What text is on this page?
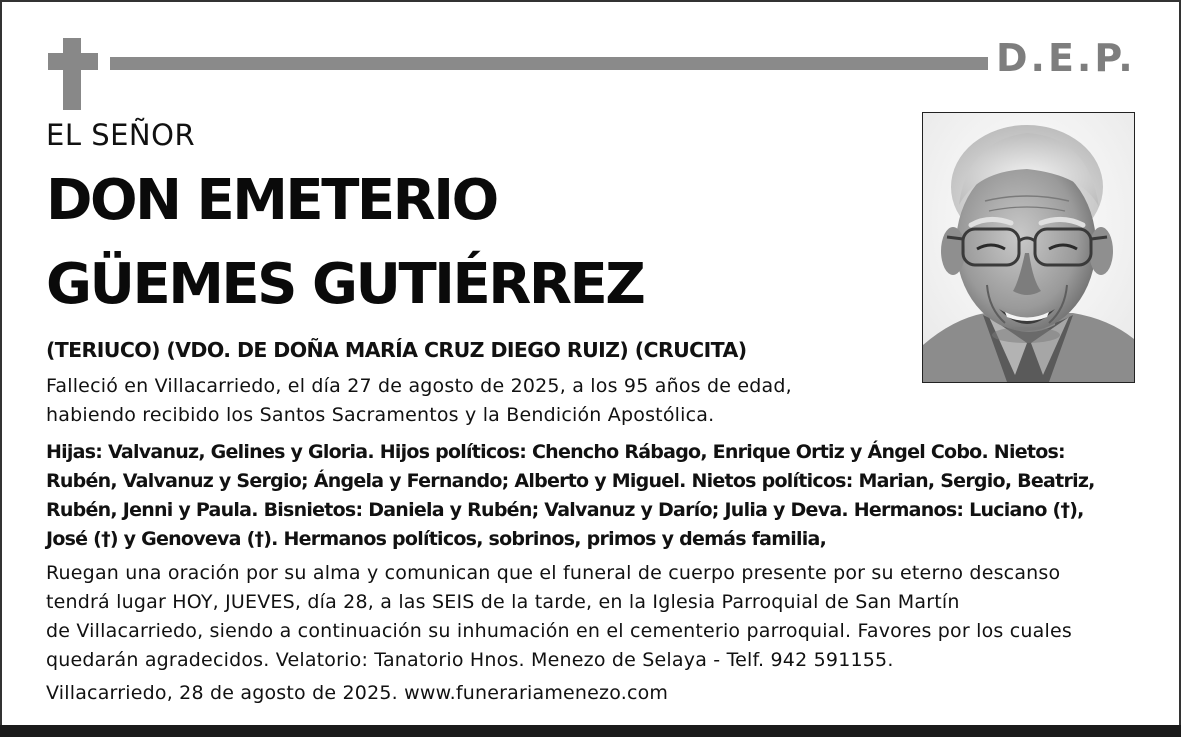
D.E.P.
EL SEÑOR
DON EMETERIO
GÜEMES GUTIÉRREZ
(TERIUCO) (VDO. DE DOÑA MARÍA CRUZ DIEGO RUIZ) (CRUCITA)
Falleció en Villacarriedo, el día 27 de agosto de 2025, a los 95 años de edad,
habiendo recibido los Santos Sacramentos y la Bendición Apostólica.
Hijas: Valvanuz, Gelines y Gloria. Hijos políticos: Chencho Rábago, Enrique Ortiz y Ángel Cobo. Nietos:
Rubén, Valvanuz y Sergio; Ángela y Fernando; Alberto y Miguel. Nietos políticos: Marian, Sergio, Beatriz,
Rubén, Jenni y Paula. Bisnietos: Daniela y Rubén; Valvanuz y Darío; Julia y Deva. Hermanos: Luciano (†),
José (†) y Genoveva (†). Hermanos políticos, sobrinos, primos y demás familia,
Ruegan una oración por su alma y comunican que el funeral de cuerpo presente por su eterno descanso
tendrá lugar HOY, JUEVES, día 28, a las SEIS de la tarde, en la Iglesia Parroquial de San Martín
de Villacarriedo, siendo a continuación su inhumación en el cementerio parroquial. Favores por los cuales
quedarán agradecidos. Velatorio: Tanatorio Hnos. Menezo de Selaya - Telf. 942 591155.
Villacarriedo, 28 de agosto de 2025. www.funerariamenezo.com
